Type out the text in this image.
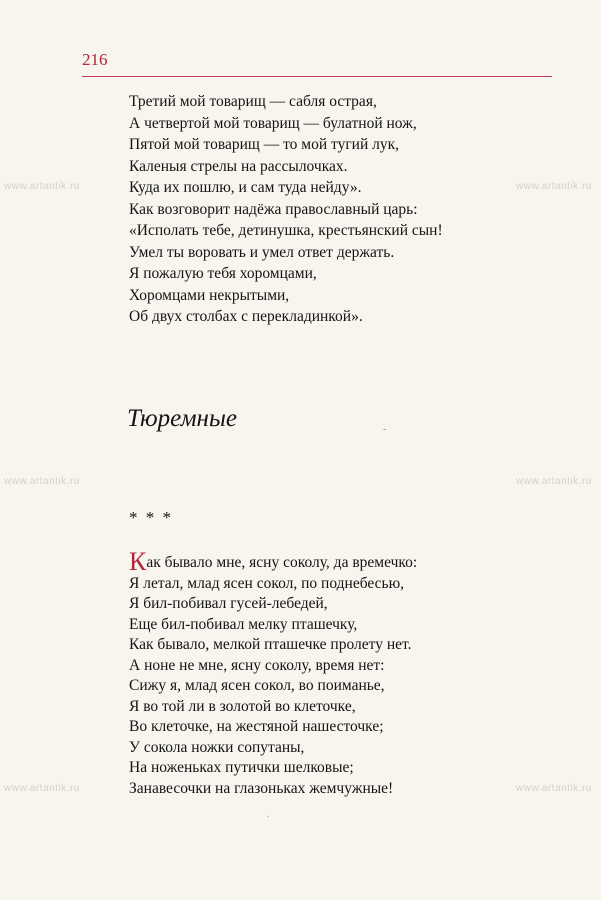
216
www.artantik.ru	www.artantik.ru
www.artantik.ru	www.artantik.ru
www.artantik.ru	www.artantik.ru
Третий мой товарищ — сабля острая,
А четвертой мой товарищ — булатной нож,
Пятой мой товарищ — то мой тугий лук,
Каленыя стрелы на рассылочках.
Куда их пошлю, и сам туда нейду».
Как возговорит надёжа православный царь:
«Исполать тебе, детинушка, крестьянский сын!
Умел ты воровать и умел ответ держать.
Я пожалую тебя хоромцами,
Хоромцами некрытыми,
Об двух столбах с перекладинкой».
-
Тюремные
* * *
Как бывало мне, ясну соколу, да времечко:
Я летал, млад ясен сокол, по поднебесью,
Я бил-побивал гусей-лебедей,
Еще бил-побивал мелку пташечку,
Как бывало, мелкой пташечке пролету нет.
А ноне не мне, ясну соколу, время нет:
Сижу я, млад ясен сокол, во поиманье,
Я во той ли в золотой во клеточке,
Во клеточке, на жестяной нашесточке;
У сокола ножки сопутаны,
На ноженьках путички шелковые;
Занавесочки на глазоньках жемчужные!
·
